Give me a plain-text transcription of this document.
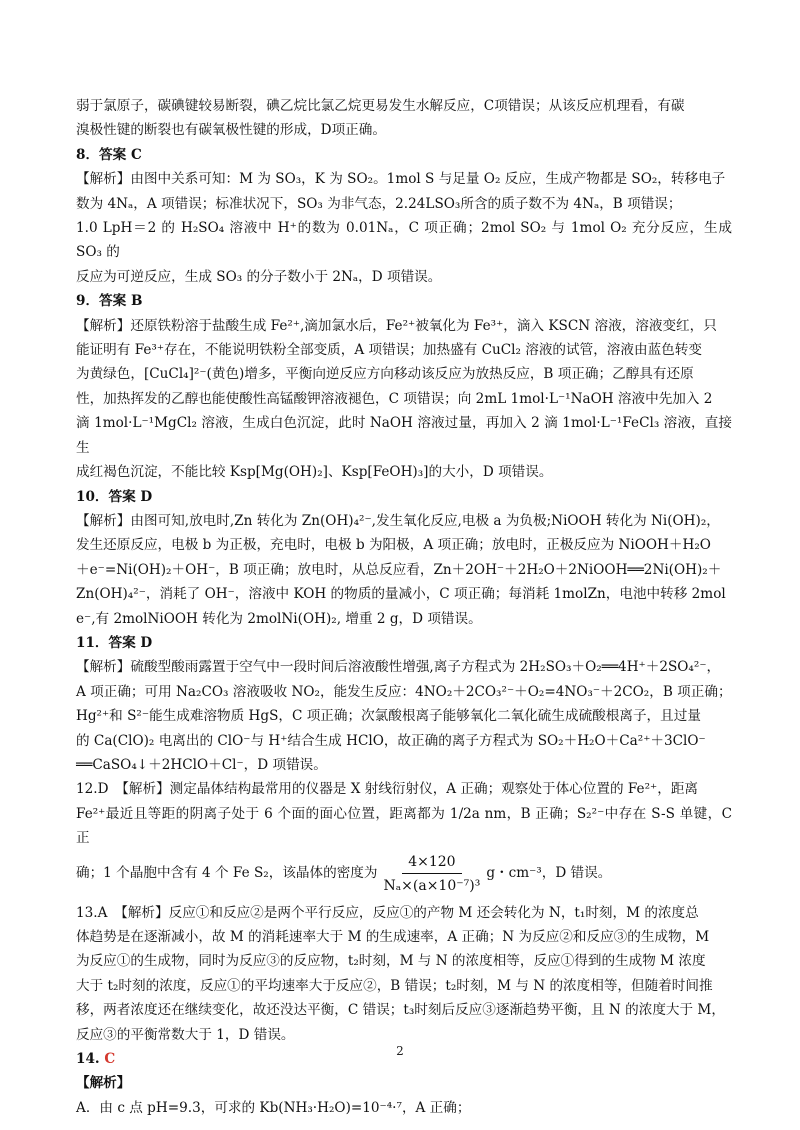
弱于氯原子，碳碘键较易断裂，碘乙烷比氯乙烷更易发生水解反应，C项错误；从该反应机理看，有碳

溴极性键的断裂也有碳氧极性键的形成，D项正确。

8．答案 C

【解析】由图中关系可知：M 为 SO₃，K 为 SO₂。1mol S 与足量 O₂ 反应，生成产物都是 SO₂，转移电子

数为 4Nₐ，A 项错误；标准状况下，SO₃ 为非气态，2.24LSO₃所含的质子数不为 4Nₐ，B 项错误；

1.0 LpH＝2 的 H₂SO₄ 溶液中 H⁺的数为 0.01Nₐ，C 项正确；2mol SO₂ 与 1mol O₂ 充分反应，生成 SO₃ 的

反应为可逆反应，生成 SO₃ 的分子数小于 2Nₐ，D 项错误。

9．答案 B

【解析】还原铁粉溶于盐酸生成 Fe²⁺,滴加氯水后，Fe²⁺被氧化为 Fe³⁺，滴入 KSCN 溶液，溶液变红，只

能证明有 Fe³⁺存在，不能说明铁粉全部变质，A 项错误；加热盛有 CuCl₂ 溶液的试管，溶液由蓝色转变

为黄绿色，[CuCl₄]²⁻(黄色)增多，平衡向逆反应方向移动该反应为放热反应，B 项正确；乙醇具有还原

性，加热挥发的乙醇也能使酸性高锰酸钾溶液褪色，C 项错误；向 2mL 1mol·L⁻¹NaOH 溶液中先加入 2

滴 1mol·L⁻¹MgCl₂ 溶液，生成白色沉淀，此时 NaOH 溶液过量，再加入 2 滴 1mol·L⁻¹FeCl₃ 溶液，直接生

成红褐色沉淀，不能比较 Ksp[Mg(OH)₂]、Ksp[FeOH)₃]的大小，D 项错误。

10．答案 D

【解析】由图可知,放电时,Zn 转化为 Zn(OH)₄²⁻,发生氧化反应,电极 a 为负极;NiOOH 转化为 Ni(OH)₂，

发生还原反应，电极 b 为正极，充电时，电极 b 为阳极，A 项正确；放电时，正极反应为 NiOOH＋H₂O

＋e⁻=Ni(OH)₂＋OH⁻，B 项正确；放电时，从总反应看，Zn＋2OH⁻＋2H₂O＋2NiOOH══2Ni(OH)₂＋

Zn(OH)₄²⁻，消耗了 OH⁻，溶液中 KOH 的物质的量减小，C 项正确；每消耗 1molZn，电池中转移 2mol

e⁻,有 2molNiOOH 转化为 2molNi(OH)₂, 增重 2 g，D 项错误。

11．答案 D

【解析】硫酸型酸雨露置于空气中一段时间后溶液酸性增强,离子方程式为 2H₂SO₃＋O₂══4H⁺＋2SO₄²⁻，

A 项正确；可用 Na₂CO₃ 溶液吸收 NO₂，能发生反应：4NO₂＋2CO₃²⁻＋O₂=4NO₃⁻＋2CO₂，B 项正确；

Hg²⁺和 S²⁻能生成难溶物质 HgS，C 项正确；次氯酸根离子能够氧化二氧化硫生成硫酸根离子，且过量

的 Ca(ClO)₂ 电离出的 ClO⁻与 H⁺结合生成 HClO，故正确的离子方程式为 SO₂＋H₂O＋Ca²⁺＋3ClO⁻

══CaSO₄↓＋2HClO＋Cl⁻，D 项错误。

12.D　【解析】测定晶体结构最常用的仪器是 X 射线衍射仪，A 正确；观察处于体心位置的 Fe²⁺，距离

Fe²⁺最近且等距的阴离子处于 6 个面的面心位置，距离都为 1/2a nm，B 正确；S₂²⁻中存在 S-S 单键，C 正

确；1 个晶胞中含有 4 个 Fe S₂，该晶体的密度为 $\frac{4\times 120}{\text{Nₐ×(a×10⁻⁷)³}}$ g・cm⁻³，D 错误。

13.A　【解析】反应①和反应②是两个平行反应，反应①的产物 M 还会转化为 N，t₁时刻，M 的浓度总

体趋势是在逐渐减小，故 M 的消耗速率大于 M 的生成速率，A 正确；N 为反应②和反应③的生成物，M

为反应①的生成物，同时为反应③的反应物，t₂时刻，M 与 N 的浓度相等，反应①得到的生成物 M 浓度

大于 t₂时刻的浓度，反应①的平均速率大于反应②，B 错误；t₂时刻，M 与 N 的浓度相等，但随着时间推

移，两者浓度还在继续变化，故还没达平衡，C 错误；t₃时刻后反应③逐渐趋势平衡，且 N 的浓度大于 M，

反应③的平衡常数大于 1，D 错误。

14. C

【解析】

A．由 c 点 pH=9.3，可求的 Kb(NH₃·H₂O)=10⁻⁴·⁷，A 正确；

2
